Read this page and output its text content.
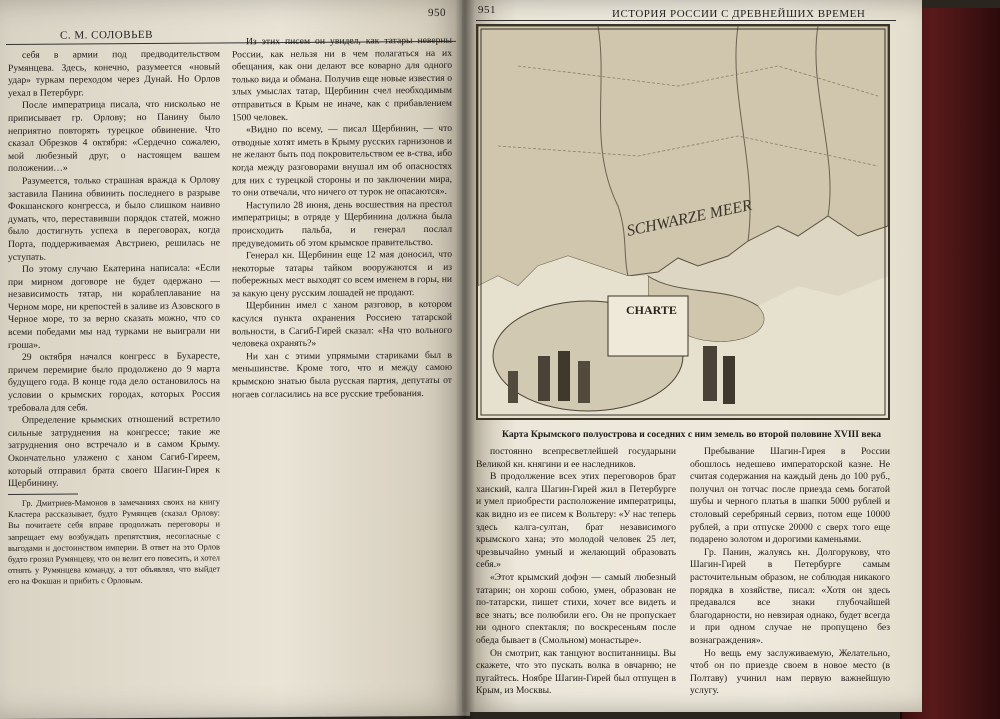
С. М. СОЛОВЬЕВ
950

себя в армии под предводительством Румянцева. Здесь, конечно, разумеется «новый удар» туркам переходом через Дунай. Но Орлов уехал в Петербург.

После императрица писала, что нисколько не приписывает гр. Орлову; но Панину было неприятно повторять турецкое обвинение. Что сказал Обрезков 4 октября: «Сердечно сожалею, мой любезный друг, о настоящем вашем положении…»

Разумеется, только страшная вражда к Орлову заставила Панина обвинить последнего в разрыве Фокшанского конгресса, и было слишком наивно думать, что, переставивши порядок статей, можно было достигнуть успеха в переговорах, когда Порта, поддерживаемая Австриею, решилась не уступать.

По этому случаю Екатерина написала: «Если при мирном договоре не будет одержано — независимость татар, ни кораблеплавание на Черном море, ни крепостей в заливе из Азовского в Черное море, то за верно сказать можно, что со всеми победами мы над турками не выиграли ни гроша».

29 октября начался конгресс в Бухаресте, причем перемирие было продолжено до 9 марта будущего года. В конце года дело остановилось на условии о крымских городах, которых Россия требовала для себя.

Определение крымских отношений встретило сильные затруднения на конгрессе; такие же затруднения оно встречало и в самом Крыму. Окончательно улажено с ханом Сагиб-Гиреем, который отправил брата своего Шагин-Гирея к Щербинину.

Гр. Дмитриев-Мамонов в замечаниях своих на книгу Кластера рассказывает, будто Румянцев (сказал Орлову: Вы почитаете себя вправе продолжать переговоры и запрещает ему возбуждать препятствия, несогласные с выгодами и достоинством империи. В ответ на это Орлов будто грозил Румянцеву, что он велит его повесить, и хотел отнять у Румянцева команду, а тот объявлял, что выйдет его на Фокшан и прибить с Орловым.

Из этих писем он увидел, как татары неверны России, как нельзя ни в чем полагаться на их обещания, как они делают все коварно для одного только вида и обмана. Получив еще новые известия о злых умыслах татар, Щербинин счел необходимым отправиться в Крым не иначе, как с прибавлением 1500 человек.

«Видно по всему, — писал Щербинин, — что отводные хотят иметь в Крыму русских гарнизонов и не желают быть под покровительством ее в-ства, ибо когда между разговорами внушал им об опасностях для них с турецкой стороны и по заключении мира, то они отвечали, что ничего от турок не опасаются».

Наступило 28 июня, день восшествия на престол императрицы; в отряде у Щербинина должна была происходить пальба, и генерал послал предуведомить об этом крымское правительство.

Генерал кн. Щербинин еще 12 мая доносил, что некоторые татары тайком вооружаются и из побережных мест выходят со всем именем в горы, ни за какую цену русским лошадей не продают.

Щербинин имел с ханом разговор, в котором касулся пункта охранения Россиею татарской вольности, в Сагиб-Гирей сказал: «На что вольного человека охранять?»

Ни хан с этими упрямыми стариками был в меньшинстве. Кроме того, что и между самою крымскою знатью была русская партия, депутаты от ногаев согласились на все русские требования.

951	ИСТОРИЯ РОССИИ С ДРЕВНЕЙШИХ ВРЕМЕН
SCHWARZE MEER
CHARTE
Карта Крымского полуострова и соседних с ним земель во второй половине XVIII века

постоянно всепресветлейшей государыни Великой кн. княгини и ее наследников.

В продолжение всех этих переговоров брат ханский, калга Шагин-Гирей жил в Петербурге и умел приобрести расположение императрицы, как видно из ее писем к Вольтеру: «У нас теперь здесь калга-султан, брат независимого крымского хана; это молодой человек 25 лет, чрезвычайно умный и желающий образовать себя.»

«Этот крымский дофэн — самый любезный татарин; он хорош собою, умен, образован не по-татарски, пишет стихи, хочет все видеть и все знать; все полюбили его. Он не пропускает ни одного спектакля; по воскресеньям после обеда бывает в (Смольном) монастыре».

Он смотрит, как танцуют воспитанницы. Вы скажете, что это пускать волка в овчарню; не пугайтесь. Ноябре Шагин-Гирей был отпущен в Крым, из Москвы.

Пребывание Шагин-Гирея в России обошлось недешево императорской казне. Не считая содержания на каждый день до 100 руб., получил он тотчас после приезда семь богатой шубы и черного платья в шапки 5000 рублей и столовый серебряный сервиз, потом еще 10000 рублей, а при отпуске 20000 с сверх того еще подарено золотом и дорогими каменьями.

Гр. Панин, жалуясь кн. Долгорукову, что Шагин-Гирей в Петербурге самым расточительным образом, не соблюдая никакого порядка в хозяйстве, писал: «Хотя он здесь предавался все знаки глубочайшей благодарности, но невзирая однако, будет всегда и при одном случае не пропущено без вознаграждения».

Но вещь ему заслуживаемую, Желательно, чтоб он по приезде своем в новое место (в Полтаву) учинил нам первую важнейшую услугу.
